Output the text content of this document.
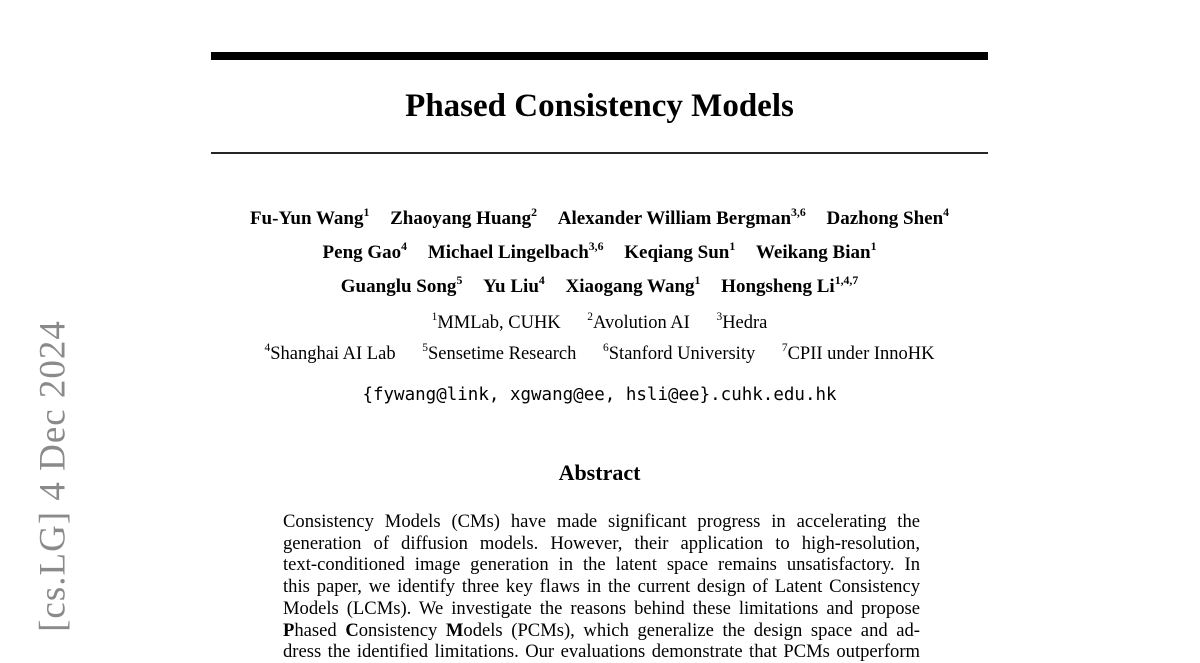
[cs.LG] 4 Dec 2024
Phased Consistency Models
Fu-Yun Wang$^1$ Zhaoyang Huang$^2$ Alexander William Bergman$^{3,6}$ Dazhong Shen$^4$
Peng Gao$^4$ Michael Lingelbach$^{3,6}$ Keqiang Sun$^1$ Weikang Bian$^1$
Guanglu Song$^5$ Yu Liu$^4$ Xiaogang Wang$^1$ Hongsheng Li$^{1,4,7}$
$^1$MMLab, CUHK $^2$Avolution AI $^3$Hedra
$^4$Shanghai AI Lab $^5$Sensetime Research $^6$Stanford University $^7$CPII under InnoHK
{fywang@link, xgwang@ee, hsli@ee}.cuhk.edu.hk
Abstract
Consistency Models (CMs) have made significant progress in accelerating the
generation of diffusion models. However, their application to high-resolution,
text-conditioned image generation in the latent space remains unsatisfactory. In
this paper, we identify three key flaws in the current design of Latent Consistency
Models (LCMs). We investigate the reasons behind these limitations and propose
Phased Consistency Models (PCMs), which generalize the design space and ad-
dress the identified limitations. Our evaluations demonstrate that PCMs outperform
